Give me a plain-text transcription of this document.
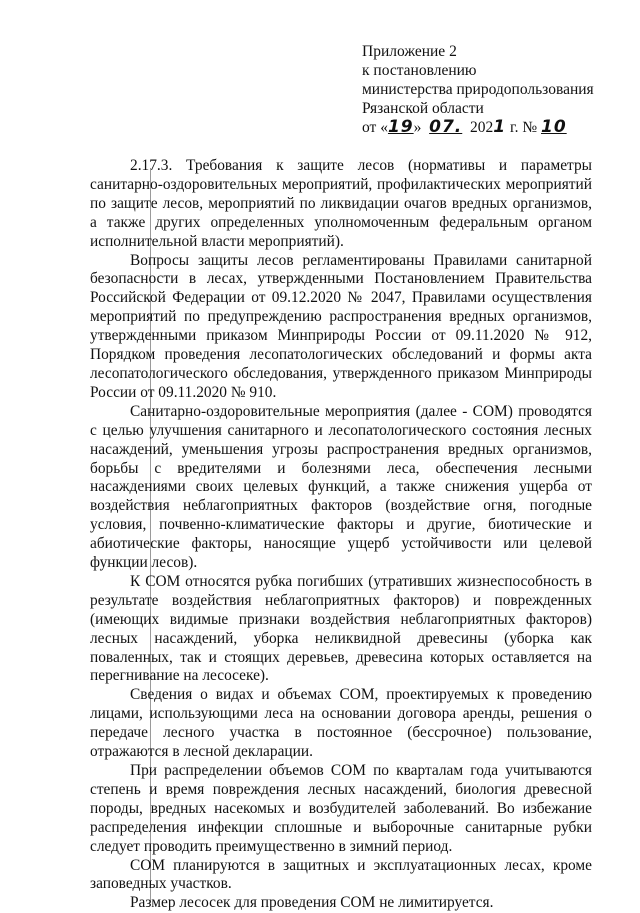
Приложение 2
к постановлению
министерства природопользования
Рязанской области
от «19» 07. 2021 г. № 10

2.17.3. Требования к защите лесов (нормативы и параметры санитарно-оздоровительных мероприятий, профилактических мероприятий по защите лесов, мероприятий по ликвидации очагов вредных организмов, а также других определенных уполномоченным федеральным органом исполнительной власти мероприятий).

Вопросы защиты лесов регламентированы Правилами санитарной безопасности в лесах, утвержденными Постановлением Правительства Российской Федерации от 09.12.2020 № 2047, Правилами осуществления мероприятий по предупреждению распространения вредных организмов, утвержденными приказом Минприроды России от 09.11.2020 № 912, Порядком проведения лесопатологических обследований и формы акта лесопатологического обследования, утвержденного приказом Минприроды России от 09.11.2020 № 910.

Санитарно-оздоровительные мероприятия (далее - СОМ) проводятся с целью улучшения санитарного и лесопатологического состояния лесных насаждений, уменьшения угрозы распространения вредных организмов, борьбы с вредителями и болезнями леса, обеспечения лесными насаждениями своих целевых функций, а также снижения ущерба от воздействия неблагоприятных факторов (воздействие огня, погодные условия, почвенно-климатические факторы и другие, биотические и абиотические факторы, наносящие ущерб устойчивости или целевой функции лесов).

К СОМ относятся рубка погибших (утративших жизнеспособность в результате воздействия неблагоприятных факторов) и поврежденных (имеющих видимые признаки воздействия неблагоприятных факторов) лесных насаждений, уборка неликвидной древесины (уборка как поваленных, так и стоящих деревьев, древесина которых оставляется на перегнивание на лесосеке).

Сведения о видах и объемах СОМ, проектируемых к проведению лицами, использующими леса на основании договора аренды, решения о передаче лесного участка в постоянное (бессрочное) пользование, отражаются в лесной декларации.

При распределении объемов СОМ по кварталам года учитываются степень и время повреждения лесных насаждений, биология древесной породы, вредных насекомых и возбудителей заболеваний. Во избежание распределения инфекции сплошные и выборочные санитарные рубки следует проводить преимущественно в зимний период.

СОМ планируются в защитных и эксплуатационных лесах, кроме заповедных участков.

Размер лесосек для проведения СОМ не лимитируется.
